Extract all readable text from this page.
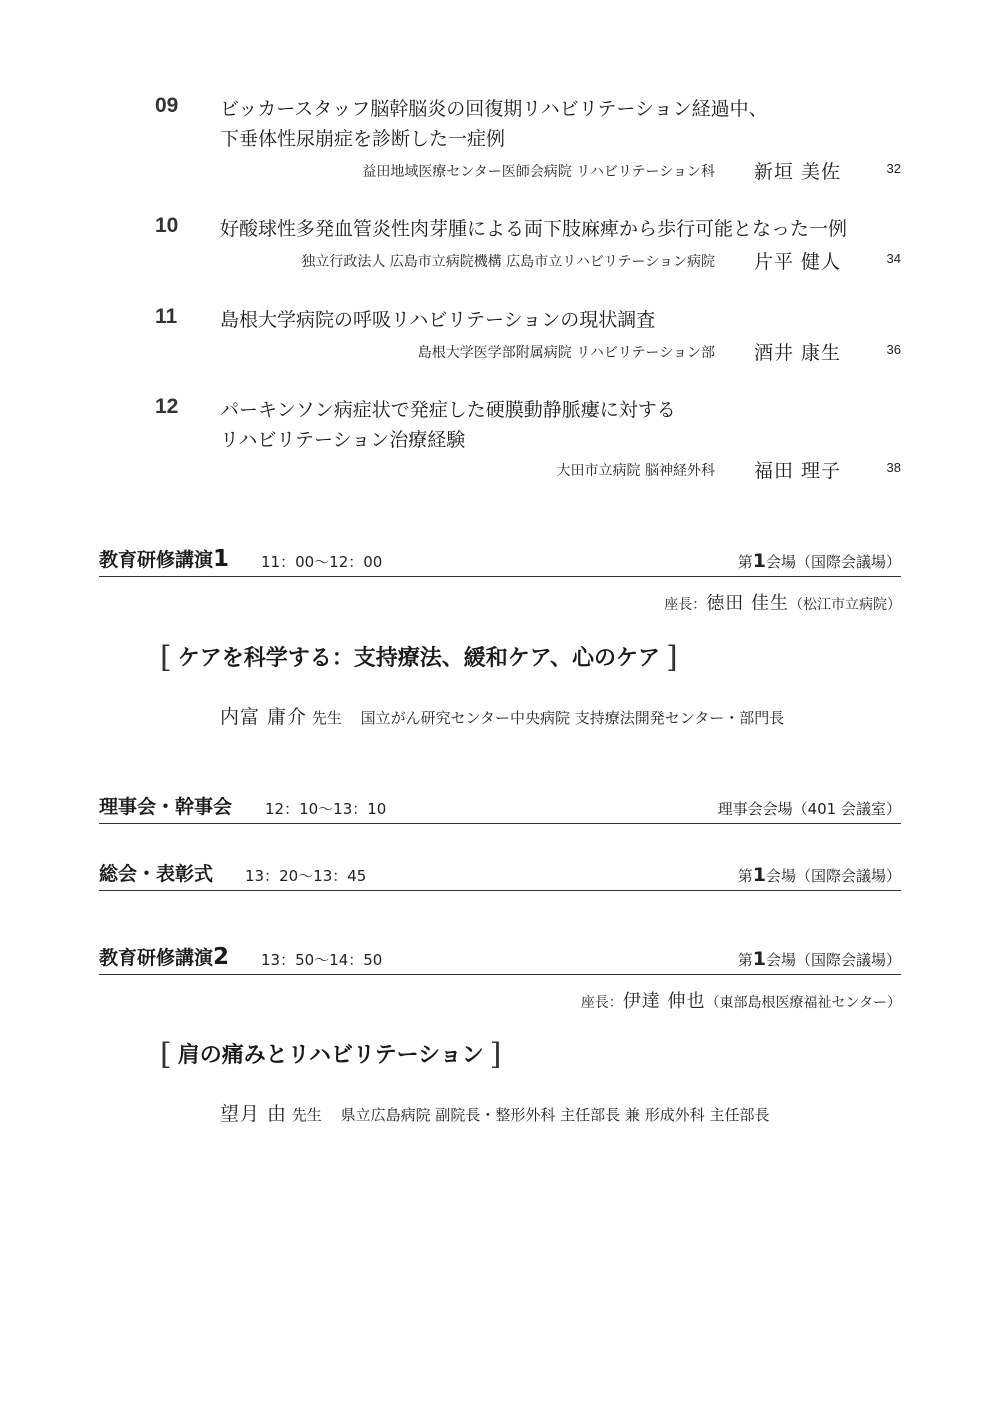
09 ビッカースタッフ脳幹脳炎の回復期リハビリテーション経過中、
下垂体性尿崩症を診断した一症例
益田地域医療センター医師会病院 リハビリテーション科 新垣 美佐	32
10 好酸球性多発血管炎性肉芽腫による両下肢麻痺から歩行可能となった一例
独立行政法人 広島市立病院機構 広島市立リハビリテーション病院 片平 健人	34
11 島根大学病院の呼吸リハビリテーションの現状調査
島根大学医学部附属病院 リハビリテーション部 酒井 康生	36
12 パーキンソン病症状で発症した硬膜動静脈瘻に対する
リハビリテーション治療経験
大田市立病院 脳神経外科 福田 理子	38
教育研修講演1 11：00～12：00	第1会場（国際会議場）
座長：徳田 佳生（松江市立病院）
[ ケアを科学する：支持療法、緩和ケア、心のケア ]
内富 庸介 先生 国立がん研究センター中央病院 支持療法開発センター・部門長
理事会・幹事会 12：10～13：10	理事会会場（401 会議室）
総会・表彰式 13：20～13：45	第1会場（国際会議場）
教育研修講演2 13：50～14：50	第1会場（国際会議場）
座長：伊達 伸也（東部島根医療福祉センター）
[ 肩の痛みとリハビリテーション ]
望月 由 先生 県立広島病院 副院長・整形外科 主任部長 兼 形成外科 主任部長
